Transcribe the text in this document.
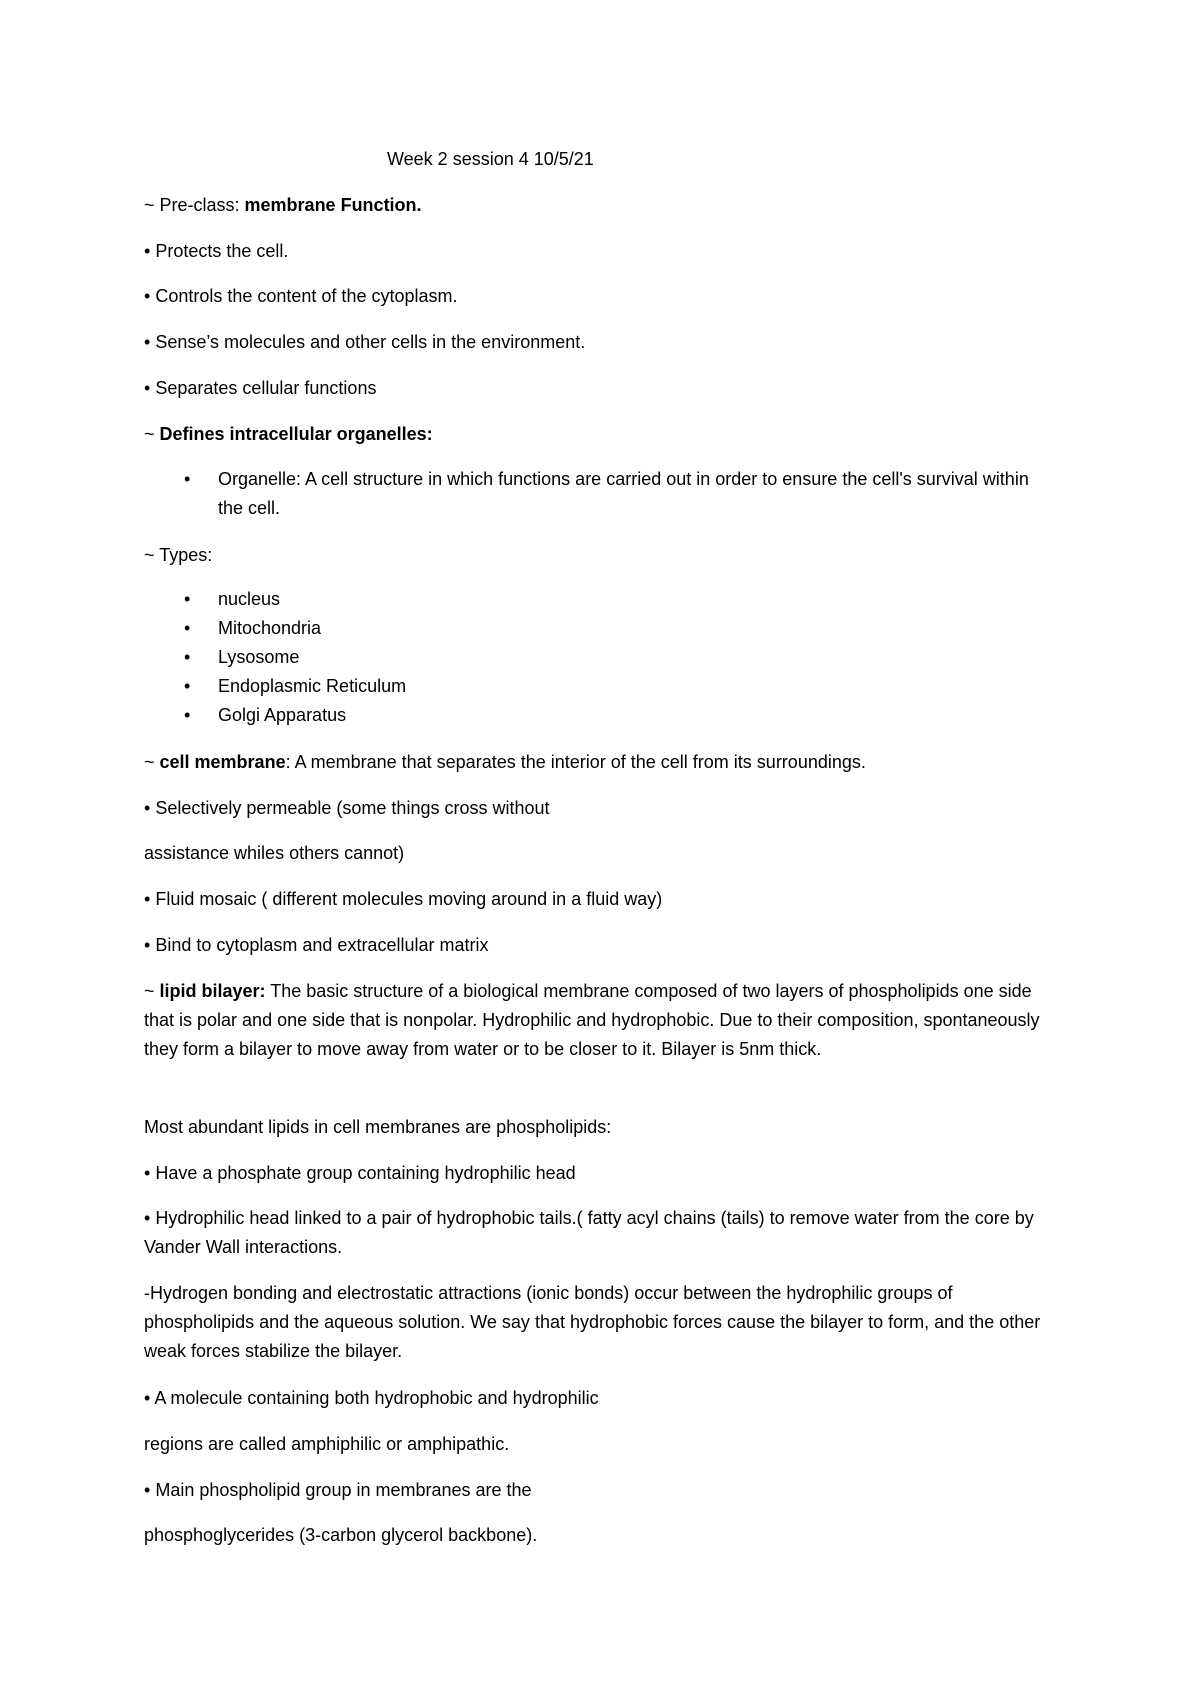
Week 2 session 4 10/5/21

~ Pre-class: membrane Function.

• Protects the cell.

• Controls the content of the cytoplasm.

• Sense’s molecules and other cells in the environment.

• Separates cellular functions

~ Defines intracellular organelles:

• Organelle: A cell structure in which functions are carried out in order to ensure the cell's survival within the cell.

~ Types:

• nucleus

• Mitochondria

• Lysosome

• Endoplasmic Reticulum

• Golgi Apparatus

~ cell membrane: A membrane that separates the interior of the cell from its surroundings.

• Selectively permeable (some things cross without

assistance whiles others cannot)

• Fluid mosaic ( different molecules moving around in a fluid way)

• Bind to cytoplasm and extracellular matrix

~ lipid bilayer: The basic structure of a biological membrane composed of two layers of phospholipids one side that is polar and one side that is nonpolar. Hydrophilic and hydrophobic. Due to their composition, spontaneously they form a bilayer to move away from water or to be closer to it. Bilayer is 5nm thick.

Most abundant lipids in cell membranes are phospholipids:

• Have a phosphate group containing hydrophilic head

• Hydrophilic head linked to a pair of hydrophobic tails.( fatty acyl chains (tails) to remove water from the core by Vander Wall interactions.

-Hydrogen bonding and electrostatic attractions (ionic bonds) occur between the hydrophilic groups of phospholipids and the aqueous solution. We say that hydrophobic forces cause the bilayer to form, and the other weak forces stabilize the bilayer.

• A molecule containing both hydrophobic and hydrophilic

regions are called amphiphilic or amphipathic.

• Main phospholipid group in membranes are the

phosphoglycerides (3-carbon glycerol backbone).
